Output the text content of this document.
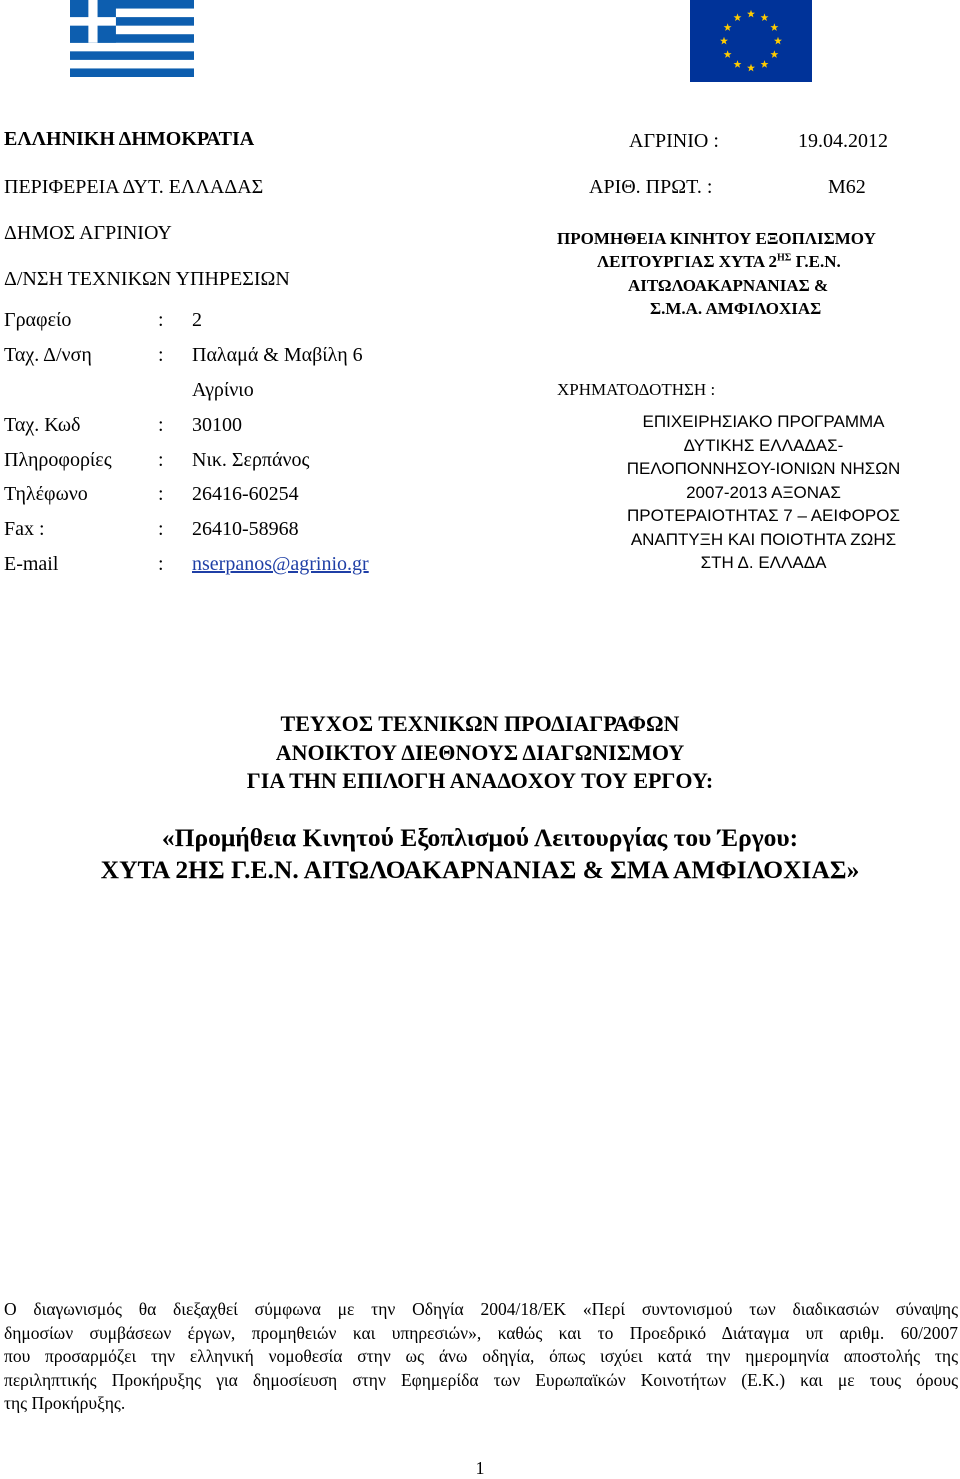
ΕΛΛΗΝΙΚΗ ΔΗΜΟΚΡΑΤΙΑ
ΠΕΡΙΦΕΡΕΙΑ ΔΥΤ. ΕΛΛΑΔΑΣ
ΔΗΜΟΣ ΑΓΡΙΝΙΟΥ
Δ/ΝΣΗ ΤΕΧΝΙΚΩΝ ΥΠΗΡΕΣΙΩΝ
Γραφείο	: 2
Ταχ. Δ/νση	: Παλαμά & Μαβίλη 6
Αγρίνιο
Ταχ. Κωδ	: 30100
Πληροφορίες : Νικ. Σερπάνος
Τηλέφωνο	: 26416-60254
Fax :	: 26410-58968
E-mail	: nserpanos@agrinio.gr
ΑΓΡΙΝΙΟ :	19.04.2012
ΑΡΙΘ. ΠΡΩΤ. :	Μ62
ΠΡΟΜΗΘΕΙΑ ΚΙΝΗΤΟΥ ΕΞΟΠΛΙΣΜΟΥ
ΛΕΙΤΟΥΡΓΙΑΣ ΧΥΤΑ $2^{H\Sigma}$ Γ.Ε.Ν.
ΑΙΤΩΛΟΑΚΑΡΝΑΝΙΑΣ &
Σ.Μ.Α. ΑΜΦΙΛΟΧΙΑΣ
ΧΡΗΜΑΤΟΔΟΤΗΣΗ :
ΕΠΙΧΕΙΡΗΣΙΑΚΟ ΠΡΟΓΡΑΜΜΑ
ΔΥΤΙΚΗΣ ΕΛΛΑΔΑΣ-
ΠΕΛΟΠΟΝΝΗΣΟΥ-ΙΟΝΙΩΝ ΝΗΣΩΝ
2007-2013 ΑΞΟΝΑΣ
ΠΡΟΤΕΡΑΙΟΤΗΤΑΣ 7 – ΑΕΙΦΟΡΟΣ
ΑΝΑΠΤΥΞΗ ΚΑΙ ΠΟΙΟΤΗΤΑ ΖΩΗΣ
ΣΤΗ Δ. ΕΛΛΑΔΑ
ΤΕΥΧΟΣ ΤΕΧΝΙΚΩΝ ΠΡΟΔΙΑΓΡΑΦΩΝ
ΑΝΟΙΚΤΟΥ ΔΙΕΘΝΟΥΣ ΔΙΑΓΩΝΙΣΜΟΥ
ΓΙΑ ΤΗΝ ΕΠΙΛΟΓΗ ΑΝΑΔΟΧΟΥ ΤΟΥ ΕΡΓΟΥ:
«Προμήθεια Κινητού Εξοπλισμού Λειτουργίας του Έργου:
ΧΥΤΑ 2ΗΣ Γ.Ε.Ν. ΑΙΤΩΛΟΑΚΑΡΝΑΝΙΑΣ & ΣΜΑ ΑΜΦΙΛΟΧΙΑΣ»
Ο διαγωνισμός θα διεξαχθεί σύμφωνα με την Οδηγία 2004/18/ΕΚ «Περί συντονισμού των διαδικασιών σύναψης
δημοσίων συμβάσεων έργων, προμηθειών και υπηρεσιών», καθώς και το Προεδρικό Διάταγμα υπ αριθμ. 60/2007
που προσαρμόζει την ελληνική νομοθεσία στην ως άνω οδηγία, όπως ισχύει κατά την ημερομηνία αποστολής της
περιληπτικής Προκήρυξης για δημοσίευση στην Εφημερίδα των Ευρωπαϊκών Κοινοτήτων (Ε.Κ.) και με τους όρους
της Προκήρυξης.
1
